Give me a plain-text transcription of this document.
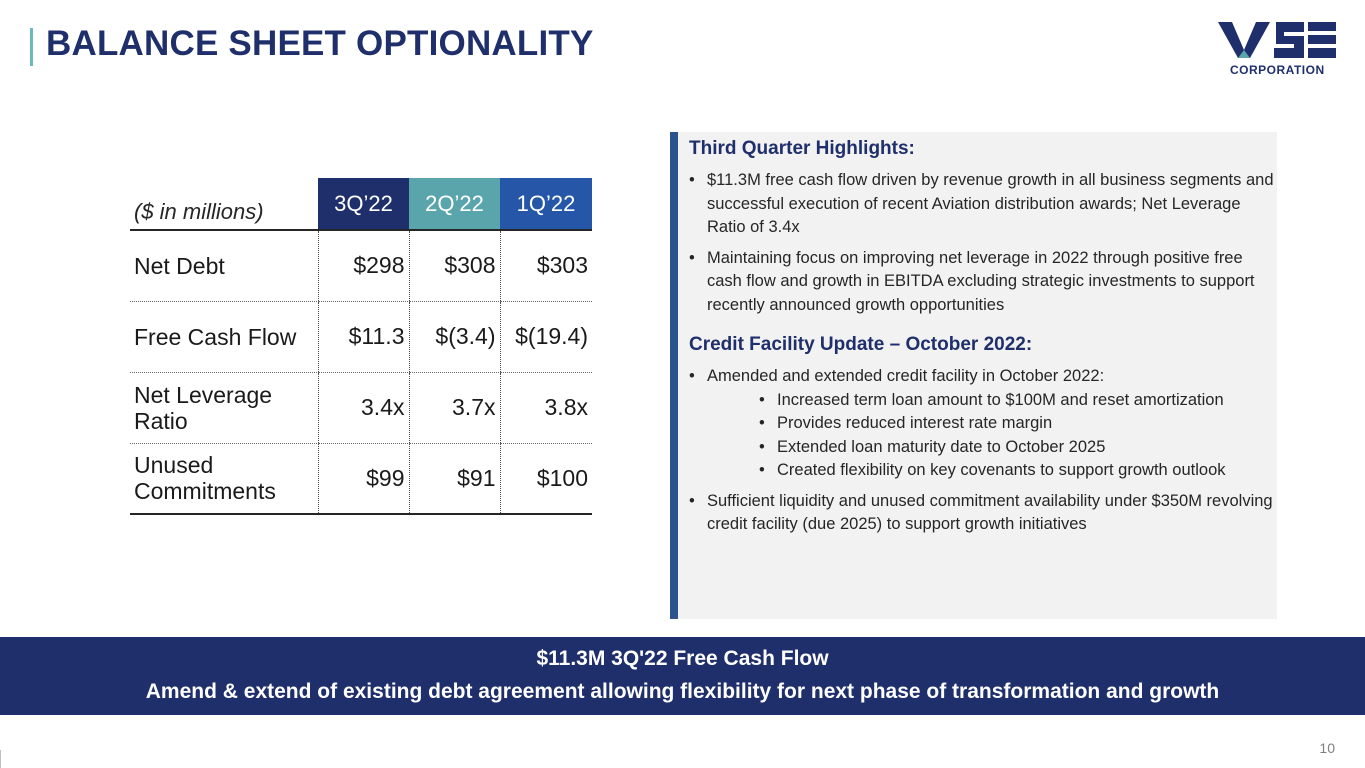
BALANCE SHEET OPTIONALITY
CORPORATION
($ in millions)	3Q’22	2Q’22	1Q’22
Net Debt	$298	$308	$303
Free Cash Flow	$11.3	$(3.4)	$(19.4)
Net Leverage Ratio	3.4x	3.7x	3.8x
Unused Commitments	$99	$91	$100
Third Quarter Highlights:
• $11.3M free cash flow driven by revenue growth in all business segments and successful execution of recent Aviation distribution awards; Net Leverage Ratio of 3.4x
• Maintaining focus on improving net leverage in 2022 through positive free cash flow and growth in EBITDA excluding strategic investments to support recently announced growth opportunities
Credit Facility Update – October 2022:
• Amended and extended credit facility in October 2022:
• Increased term loan amount to $100M and reset amortization
• Provides reduced interest rate margin
• Extended loan maturity date to October 2025
• Created flexibility on key covenants to support growth outlook
• Sufficient liquidity and unused commitment availability under $350M revolving credit facility (due 2025) to support growth initiatives
$11.3M 3Q'22 Free Cash Flow
Amend & extend of existing debt agreement allowing flexibility for next phase of transformation and growth
10
